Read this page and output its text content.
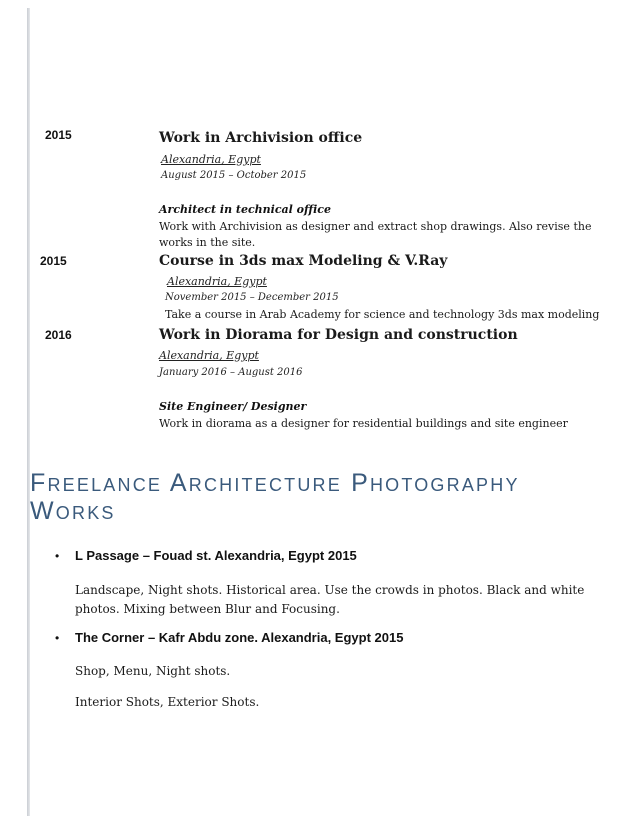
2015	Work in Archivision office
Alexandria, Egypt
August 2015 – October 2015
Architect in technical office
Work with Archivision as designer and extract shop drawings. Also revise the works in the site.
2015	Course in 3ds max Modeling & V.Ray
Alexandria, Egypt
November 2015 – December 2015
Take a course in Arab Academy for science and technology 3ds max modeling
2016	Work in Diorama for Design and construction
Alexandria, Egypt
January 2016 – August 2016
Site Engineer/ Designer
Work in diorama as a designer for residential buildings and site engineer
Freelance Architecture Photography Works
• L Passage – Fouad st. Alexandria, Egypt 2015
Landscape, Night shots. Historical area. Use the crowds in photos. Black and white photos. Mixing between Blur and Focusing.
• The Corner – Kafr Abdu zone. Alexandria, Egypt 2015
Shop, Menu, Night shots.
Interior Shots, Exterior Shots.
